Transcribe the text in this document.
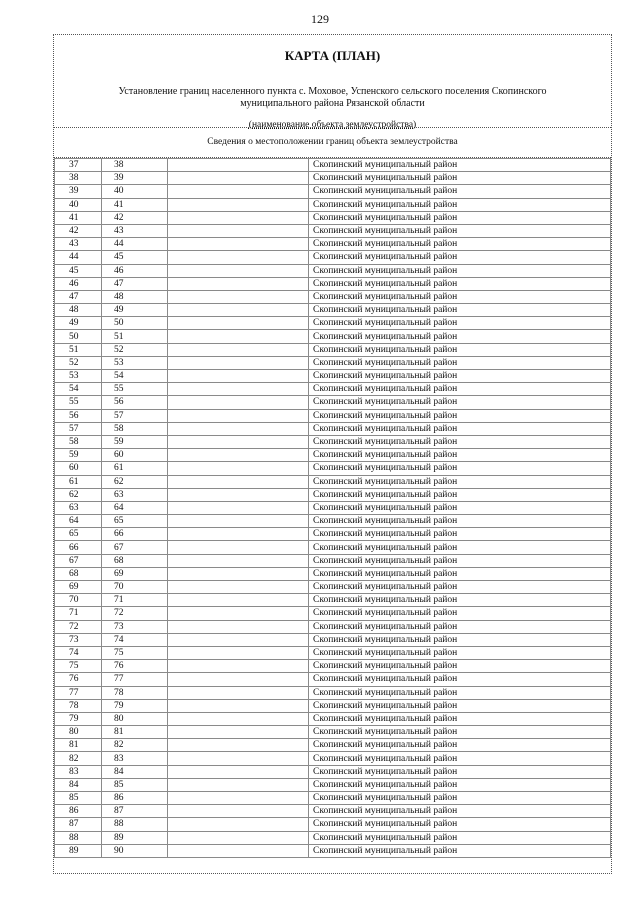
129
КАРТА (ПЛАН)
Установление границ населенного пункта с. Моховое, Успенского сельского поселения Скопинского муниципального района Рязанской области
(наименование объекта землеустройства)
Сведения о местоположении границ объекта землеустройства
37	38		Скопинский муниципальный район
38	39		Скопинский муниципальный район
39	40		Скопинский муниципальный район
40	41		Скопинский муниципальный район
41	42		Скопинский муниципальный район
42	43		Скопинский муниципальный район
43	44		Скопинский муниципальный район
44	45		Скопинский муниципальный район
45	46		Скопинский муниципальный район
46	47		Скопинский муниципальный район
47	48		Скопинский муниципальный район
48	49		Скопинский муниципальный район
49	50		Скопинский муниципальный район
50	51		Скопинский муниципальный район
51	52		Скопинский муниципальный район
52	53		Скопинский муниципальный район
53	54		Скопинский муниципальный район
54	55		Скопинский муниципальный район
55	56		Скопинский муниципальный район
56	57		Скопинский муниципальный район
57	58		Скопинский муниципальный район
58	59		Скопинский муниципальный район
59	60		Скопинский муниципальный район
60	61		Скопинский муниципальный район
61	62		Скопинский муниципальный район
62	63		Скопинский муниципальный район
63	64		Скопинский муниципальный район
64	65		Скопинский муниципальный район
65	66		Скопинский муниципальный район
66	67		Скопинский муниципальный район
67	68		Скопинский муниципальный район
68	69		Скопинский муниципальный район
69	70		Скопинский муниципальный район
70	71		Скопинский муниципальный район
71	72		Скопинский муниципальный район
72	73		Скопинский муниципальный район
73	74		Скопинский муниципальный район
74	75		Скопинский муниципальный район
75	76		Скопинский муниципальный район
76	77		Скопинский муниципальный район
77	78		Скопинский муниципальный район
78	79		Скопинский муниципальный район
79	80		Скопинский муниципальный район
80	81		Скопинский муниципальный район
81	82		Скопинский муниципальный район
82	83		Скопинский муниципальный район
83	84		Скопинский муниципальный район
84	85		Скопинский муниципальный район
85	86		Скопинский муниципальный район
86	87		Скопинский муниципальный район
87	88		Скопинский муниципальный район
88	89		Скопинский муниципальный район
89	90		Скопинский муниципальный район
